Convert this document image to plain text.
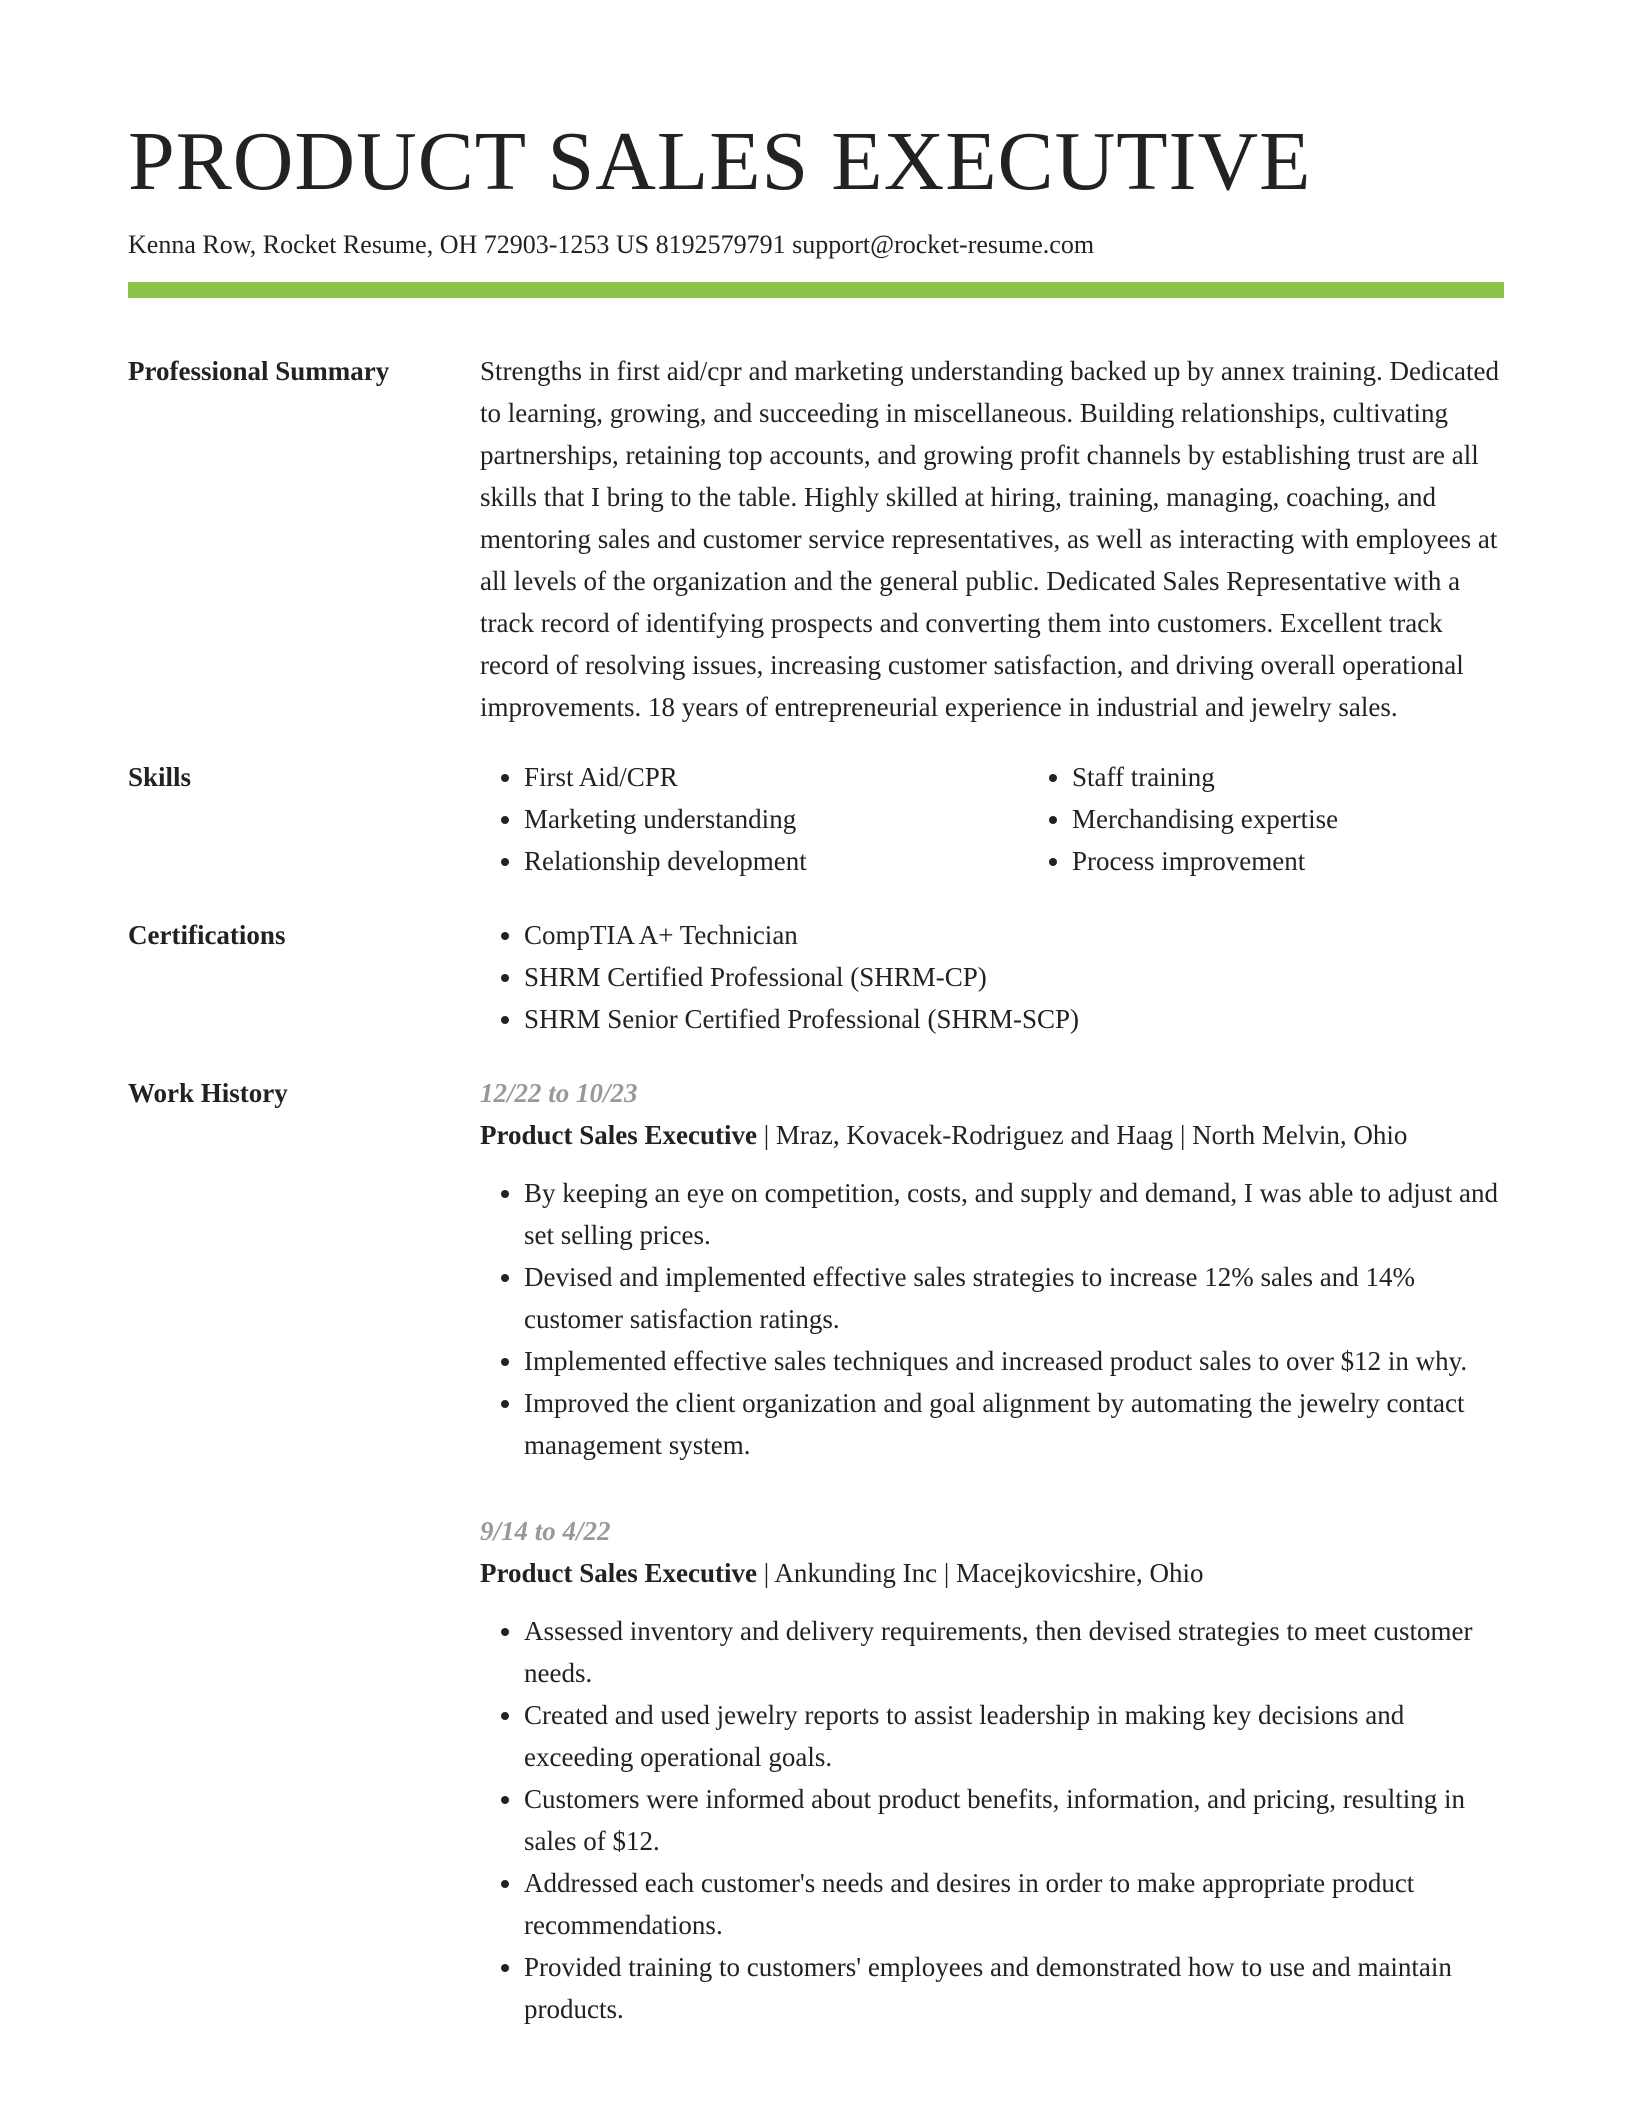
PRODUCT SALES EXECUTIVE
Kenna Row, Rocket Resume, OH 72903-1253 US 8192579791 support@rocket-resume.com
Professional Summary	Strengths in first aid/cpr and marketing understanding backed up by annex training. Dedicated to learning, growing, and succeeding in miscellaneous. Building relationships, cultivating partnerships, retaining top accounts, and growing profit channels by establishing trust are all skills that I bring to the table. Highly skilled at hiring, training, managing, coaching, and mentoring sales and customer service representatives, as well as interacting with employees at all levels of the organization and the general public. Dedicated Sales Representative with a track record of identifying prospects and converting them into customers. Excellent track record of resolving issues, increasing customer satisfaction, and driving overall operational improvements. 18 years of entrepreneurial experience in industrial and jewelry sales.
Skills	• First Aid/CPR
• Marketing understanding
• Relationship development
• Staff training
• Merchandising expertise
• Process improvement
Certifications	• CompTIA A+ Technician
• SHRM Certified Professional (SHRM-CP)
• SHRM Senior Certified Professional (SHRM-SCP)
Work History	12/22 to 10/23
Product Sales Executive | Mraz, Kovacek-Rodriguez and Haag | North Melvin, Ohio
• By keeping an eye on competition, costs, and supply and demand, I was able to adjust and set selling prices.
• Devised and implemented effective sales strategies to increase 12% sales and 14% customer satisfaction ratings.
• Implemented effective sales techniques and increased product sales to over $12 in why.
• Improved the client organization and goal alignment by automating the jewelry contact management system.
9/14 to 4/22
Product Sales Executive | Ankunding Inc | Macejkovicshire, Ohio
• Assessed inventory and delivery requirements, then devised strategies to meet customer needs.
• Created and used jewelry reports to assist leadership in making key decisions and exceeding operational goals.
• Customers were informed about product benefits, information, and pricing, resulting in sales of $12.
• Addressed each customer's needs and desires in order to make appropriate product recommendations.
• Provided training to customers' employees and demonstrated how to use and maintain products.
